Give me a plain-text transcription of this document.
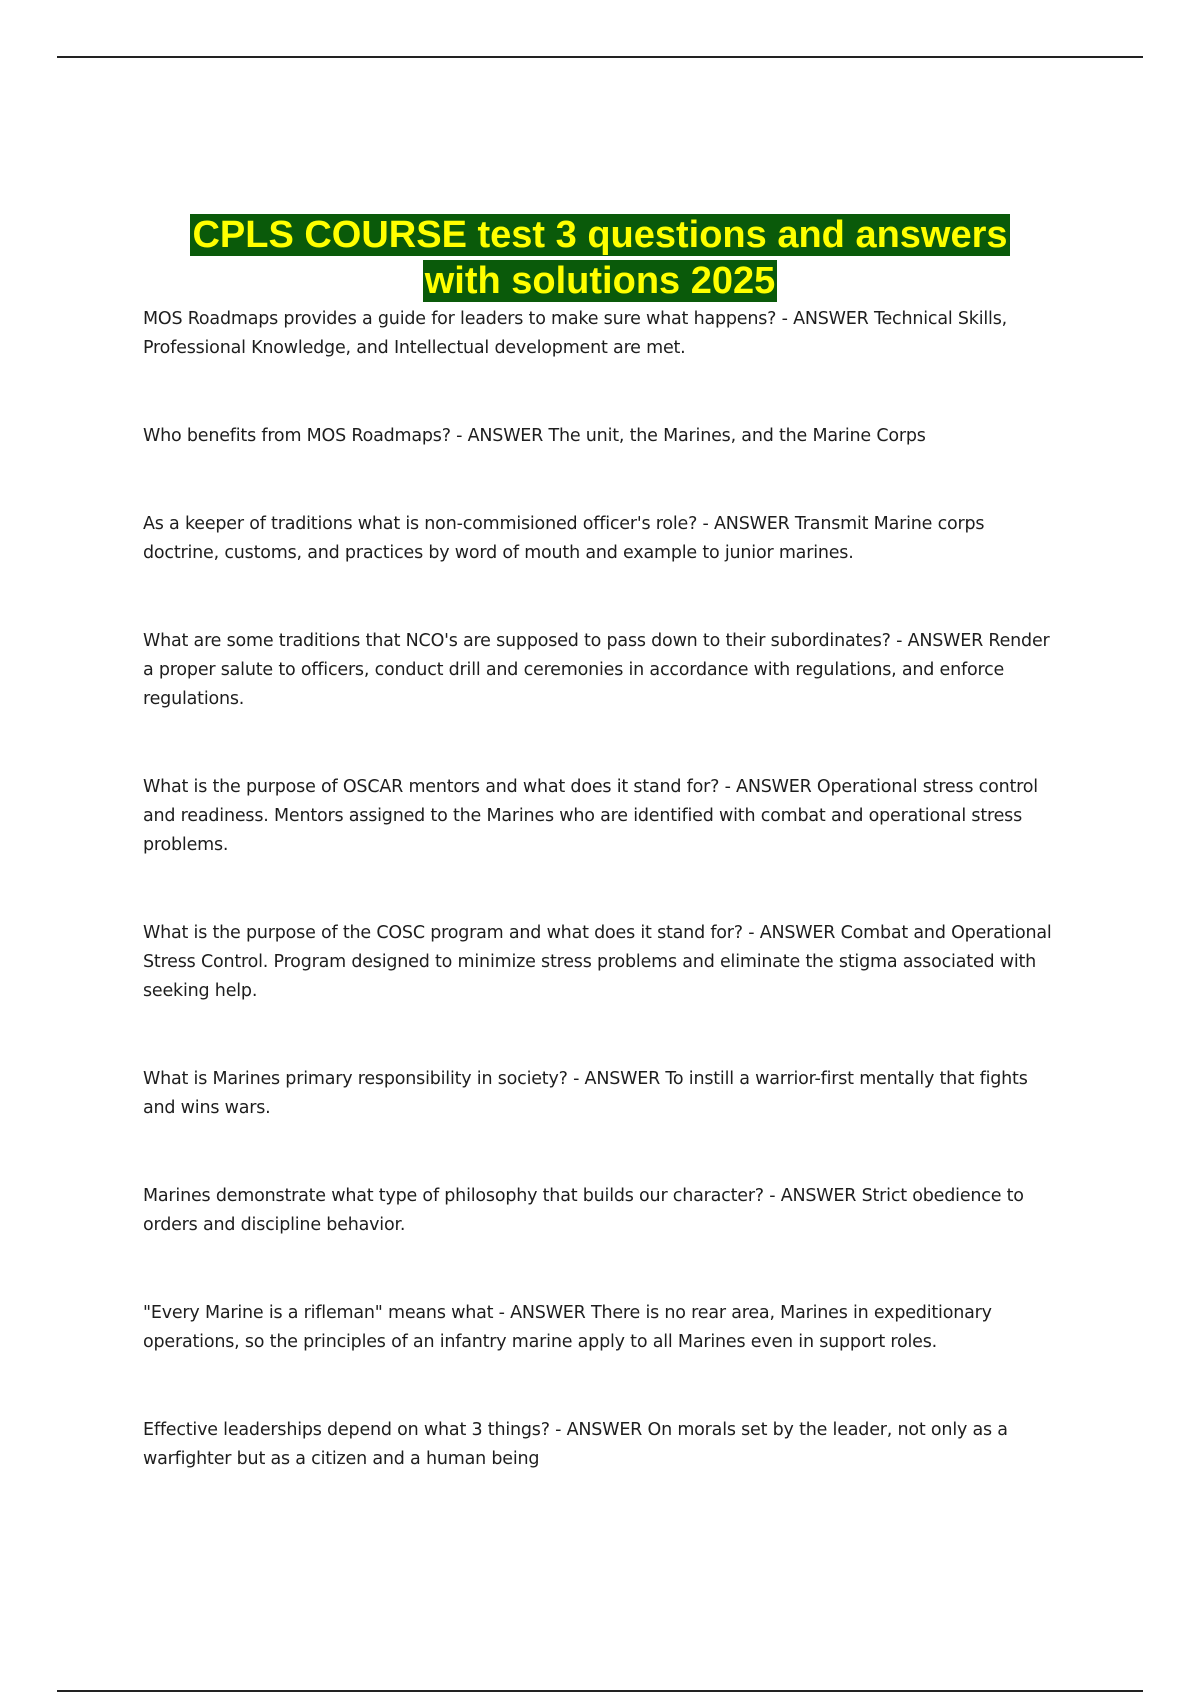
CPLS COURSE test 3 questions and answers
with solutions 2025
MOS Roadmaps provides a guide for leaders to make sure what happens? - ANSWER Technical Skills, Professional Knowledge, and Intellectual development are met.
Who benefits from MOS Roadmaps? - ANSWER The unit, the Marines, and the Marine Corps
As a keeper of traditions what is non-commisioned officer's role? - ANSWER Transmit Marine corps doctrine, customs, and practices by word of mouth and example to junior marines.
What are some traditions that NCO's are supposed to pass down to their subordinates? - ANSWER Render a proper salute to officers, conduct drill and ceremonies in accordance with regulations, and enforce regulations.
What is the purpose of OSCAR mentors and what does it stand for? - ANSWER Operational stress control and readiness. Mentors assigned to the Marines who are identified with combat and operational stress problems.
What is the purpose of the COSC program and what does it stand for? - ANSWER Combat and Operational Stress Control. Program designed to minimize stress problems and eliminate the stigma associated with seeking help.
What is Marines primary responsibility in society? - ANSWER To instill a warrior-first mentally that fights and wins wars.
Marines demonstrate what type of philosophy that builds our character? - ANSWER Strict obedience to orders and discipline behavior.
"Every Marine is a rifleman" means what - ANSWER There is no rear area, Marines in expeditionary operations, so the principles of an infantry marine apply to all Marines even in support roles.
Effective leaderships depend on what 3 things? - ANSWER On morals set by the leader, not only as a warfighter but as a citizen and a human being
